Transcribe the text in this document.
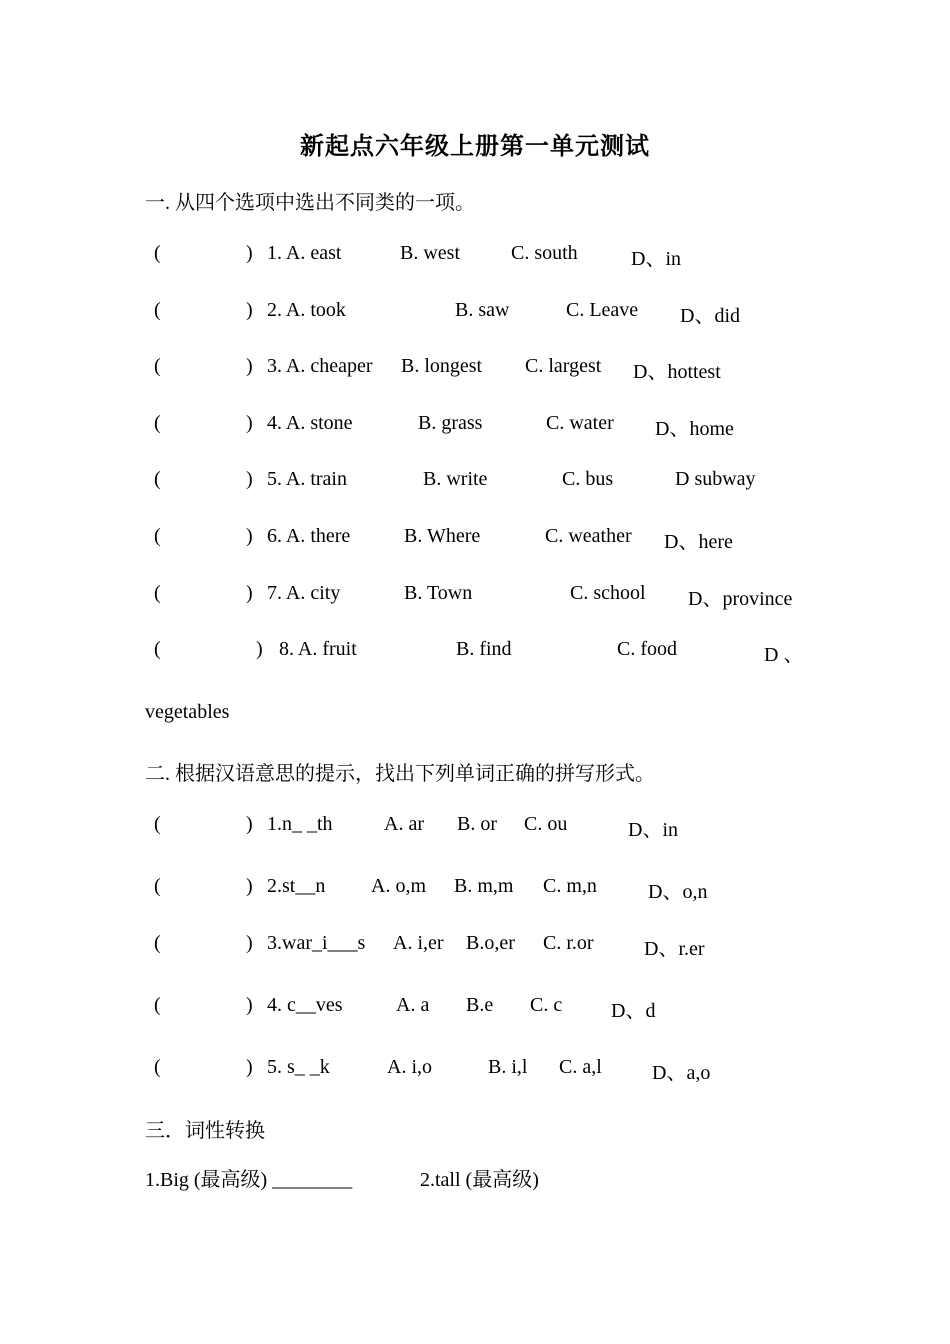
新起点六年级上册第一单元测试
一. 从四个选项中选出不同类的一项。
(	) 1. A. east	B. west	C. south	D、in
(	) 2. A. took	B. saw	C. Leave D、did
(	) 3. A. cheaper B. longest C. largest D、hottest
(	) 4. A. stone	B. grass	C. water D、home
(	) 5. A. train	B. write	C. bus	D subway
(	) 6. A. there	B. Where	C. weather D、here
(	) 7. A. city	B. Town	C. school D、province
(	) 8. A. fruit	B. find	C. food	D 、
vegetables
二. 根据汉语意思的提示，找出下列单词正确的拼写形式。
(	) 1.n_ _th	A. ar B. or C. ou	D、in
(	) 2.st__n A. o,m B. m,m C. m,n	D、o,n
(	) 3.war_i___s A. i,er B.o,er C. r.or	D、r.er
(	) 4. c__ves	A. a B.e C. c D、d
(	) 5. s_ _k	A. i,o	B. i,l C. a,l	D、a,o
三．词性转换
1.Big (最高级) ________	2.tall (最高级)
